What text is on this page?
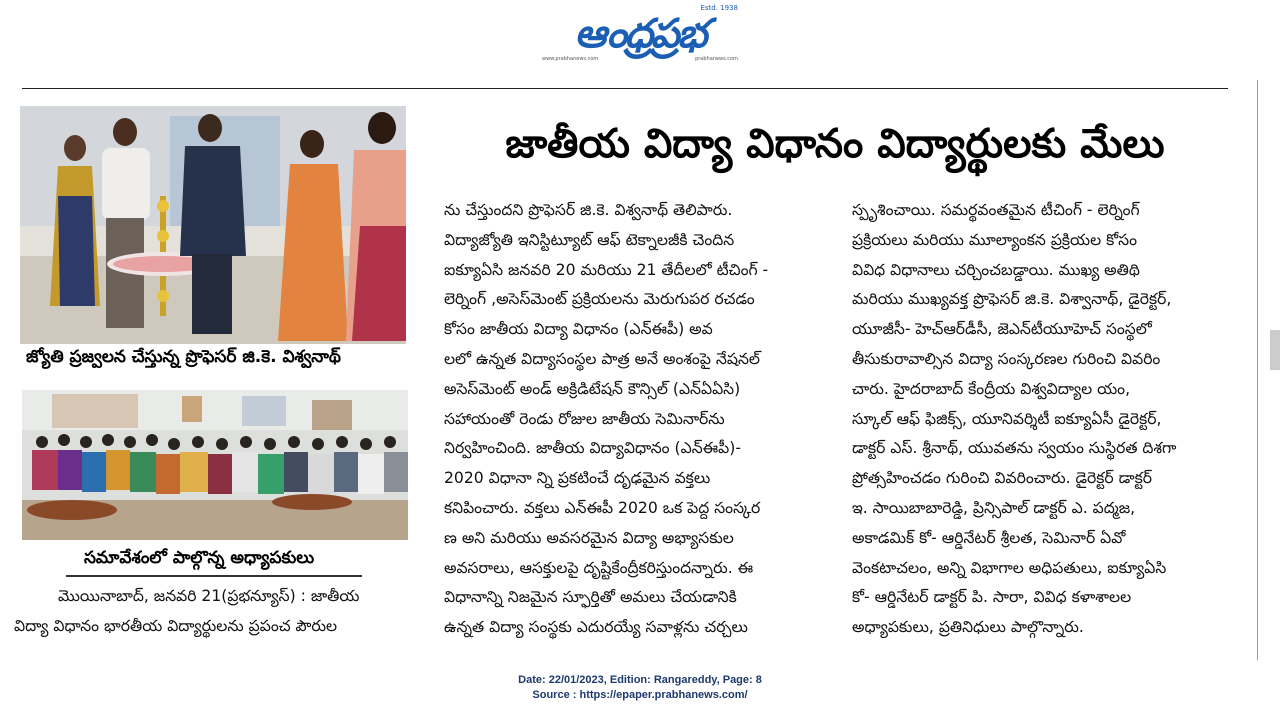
ఆంధ్రప్రభ
Estd. 1938
www.prabhanews.com	prabhanews.com
జ్యోతి ప్రజ్వలన చేస్తున్న ప్రొఫెసర్ జి.కె. విశ్వనాథ్
సమావేశంలో పాల్గొన్న అధ్యాపకులు
జాతీయ విద్యా విధానం విద్యార్థులకు మేలు
మొయినాబాద్, జనవరి 21(ప్రభన్యూస్) : జాతీయ
విద్యా విధానం భారతీయ విద్యార్థులను ప్రపంచ పౌరుల
ను చేస్తుందని ప్రొఫెసర్ జి.కె. విశ్వనాథ్ తెలిపారు.
విద్యాజ్యోతి ఇనిస్టిట్యూట్ ఆఫ్ టెక్నాలజీకి చెందిన
ఐక్యూఏసి జనవరి 20 మరియు 21 తేదీలలో టీచింగ్ -
లెర్నింగ్ ,అసెస్‌మెంట్ ప్రక్రియలను మెరుగుపర రచడం
కోసం జాతీయ విద్యా విధానం (ఎన్‌ఈపీ) అవ
లలో ఉన్నత విద్యాసంస్థల పాత్ర అనే అంశంపై నేషనల్
అసెస్‌మెంట్ అండ్ అక్రిడిటేషన్ కౌన్సిల్ (ఎన్‌ఏఏసి)
సహాయంతో రెండు రోజుల జాతీయ సెమినార్‌ను
నిర్వహించింది. జాతీయ విద్యావిధానం (ఎన్‌ఈపీ)-
2020 విధానా న్ని ప్రకటించే దృఢమైన వక్తలు
కనిపించారు. వక్తలు ఎన్‌ఈపీ 2020 ఒక పెద్ద సంస్కర
ణ అని మరియు అవసరమైన విద్యా అభ్యాసకుల
అవసరాలు, ఆసక్తులపై దృష్టికేంద్రీకరిస్తుందన్నారు. ఈ
విధానాన్ని నిజమైన స్ఫూర్తితో అమలు చేయడానికి
ఉన్నత విద్యా సంస్థకు ఎదురయ్యే సవాళ్లను చర్చలు
స్పృశించాయి. సమర్థవంతమైన టీచింగ్ - లెర్నింగ్
ప్రక్రియలు మరియు మూల్యాంకన ప్రక్రియల కోసం
వివిధ విధానాలు చర్చించబడ్డాయి. ముఖ్య అతిథి
మరియు ముఖ్యవక్త ప్రొఫెసర్ జి.కె. విశ్వానాథ్, డైరెక్టర్,
యూజీసీ- హెచ్‌ఆర్‌డీసీ, జెఎన్‌టీయూహెచ్ సంస్థలో
తీసుకురావాల్సిన విద్యా సంస్కరణల గురించి వివరిం
చారు. హైదరాబాద్ కేంద్రీయ విశ్వవిద్యాల యం,
స్కూల్ ఆఫ్ ఫిజిక్స్, యూనివర్శిటీ ఐక్యూఏసీ డైరెక్టర్,
డాక్టర్ ఎస్. శ్రీనాథ్, యువతను స్వయం సుస్థిరత దిశగా
ప్రోత్సహించడం గురించి వివరించారు. డైరెక్టర్ డాక్టర్
ఇ. సాయిబాబారెడ్డి, ప్రిన్సిపాల్ డాక్టర్ ఎ. పద్మజ,
అకాడమిక్ కో- ఆర్డినేటర్ శ్రీలత, సెమినార్ ఏవో
వెంకటాచలం, అన్ని విభాగాల అధిపతులు, ఐక్యూఏసి
కో- ఆర్డినేటర్ డాక్టర్ పి. సారా, వివిధ కళాశాలల
అధ్యాపకులు, ప్రతినిధులు పాల్గొన్నారు.
Date: 22/01/2023, Edition: Rangareddy, Page: 8
Source : https://epaper.prabhanews.com/
